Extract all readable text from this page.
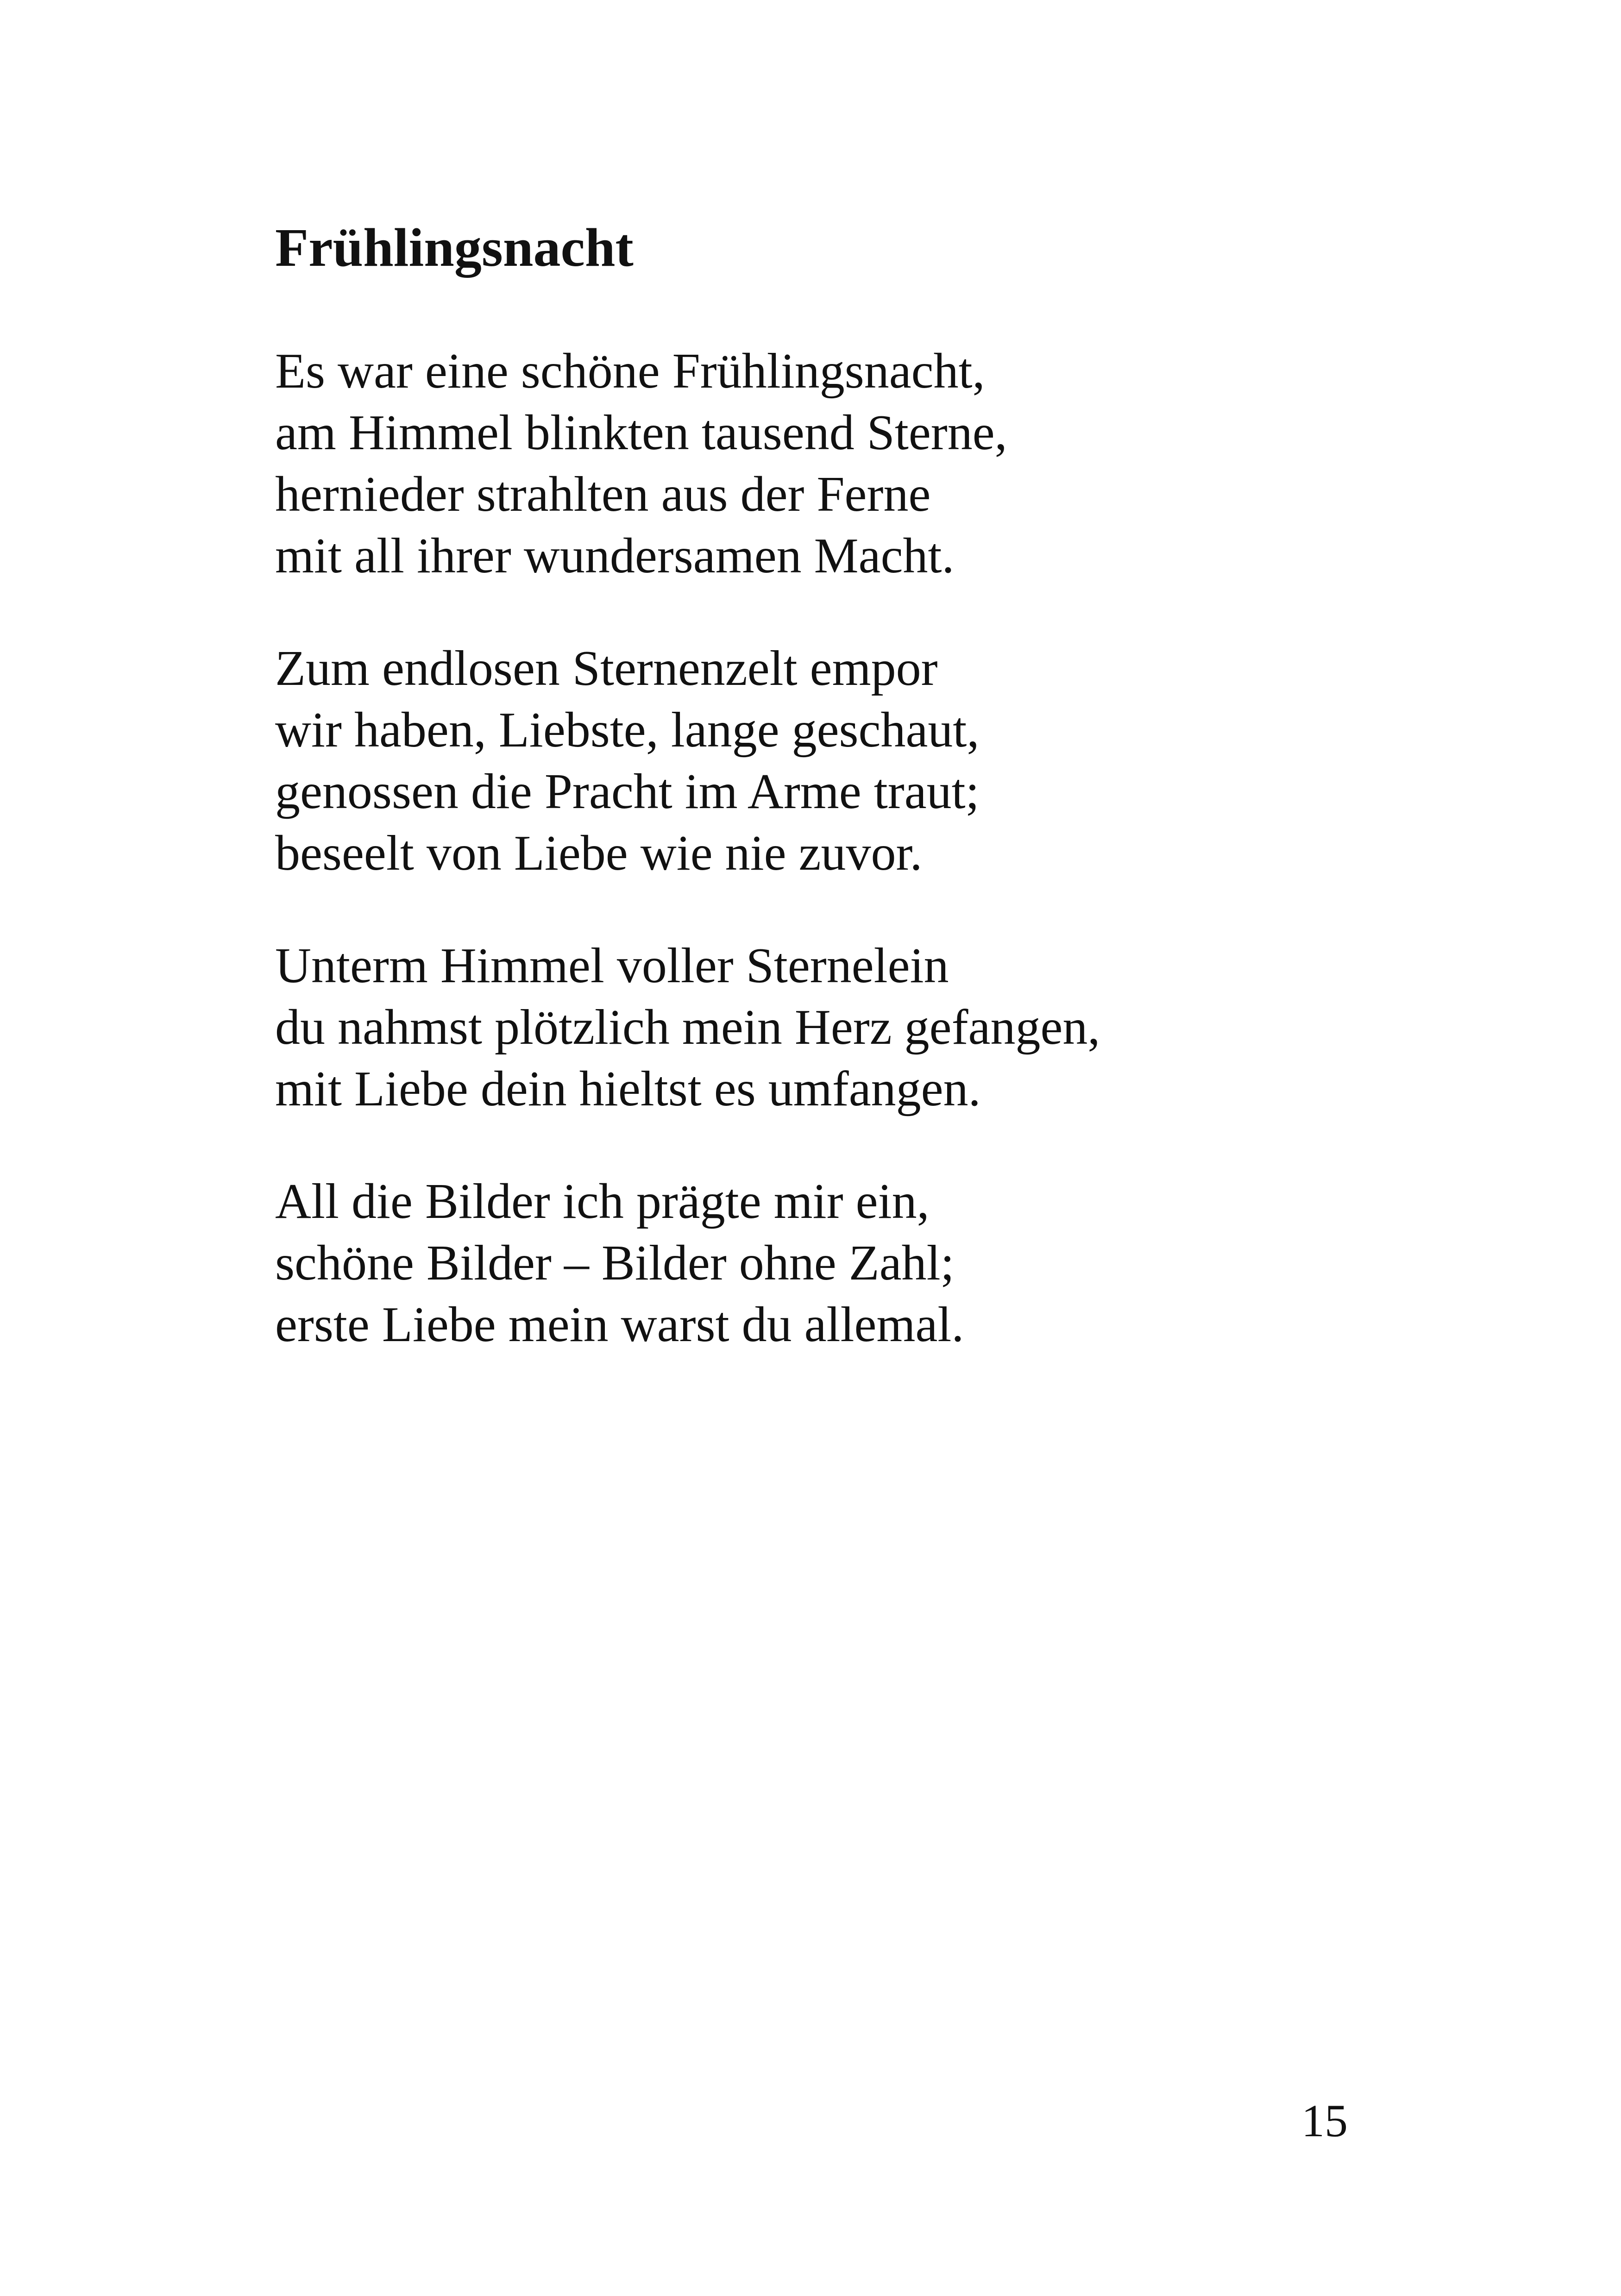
Frühlingsnacht

Es war eine schöne Frühlingsnacht,
am Himmel blinkten tausend Sterne,
hernieder strahlten aus der Ferne
mit all ihrer wundersamen Macht.

Zum endlosen Sternenzelt empor
wir haben, Liebste, lange geschaut,
genossen die Pracht im Arme traut;
beseelt von Liebe wie nie zuvor.

Unterm Himmel voller Sternelein
du nahmst plötzlich mein Herz gefangen,
mit Liebe dein hieltst es umfangen.

All die Bilder ich prägte mir ein,
schöne Bilder – Bilder ohne Zahl;
erste Liebe mein warst du allemal.

15
